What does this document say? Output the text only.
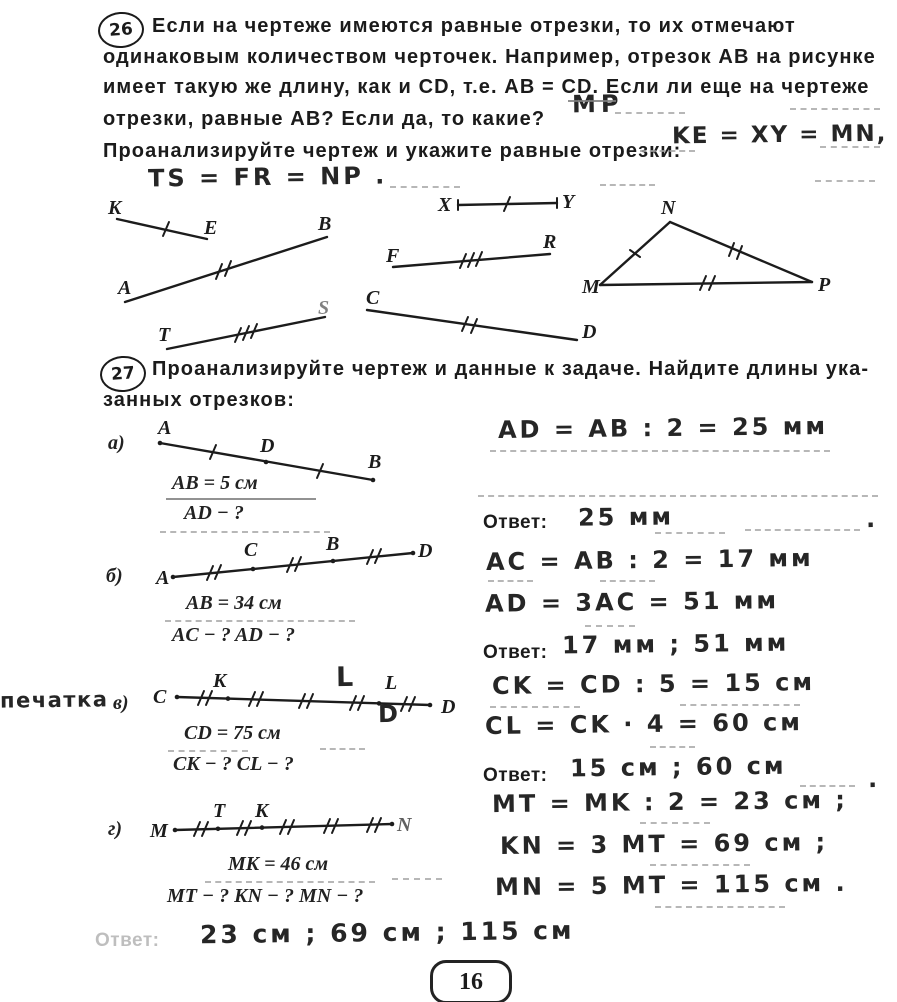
26 Если на чертеже имеются равные отрезки, то их отмечают
одинаковым количеством черточек. Например, отрезок AB на рисунке
имеет такую же длину, как и CD, т.е. AB = CD. Если ли еще на чертеже
отрезки, равные AB? Если да, то какие?
Проанализируйте чертеж и укажите равные отрезки:
MP
KE = XY = MN,
TS = FR = NP .
K
E
A
B
T
S
X	Y
F
R
C
D
M
N
P
27 Проанализируйте чертеж и данные к задаче. Найдите длины ука-
занных отрезков:
а)
A
D
B
AB = 5 см
AD − ?
б) A
C	B	D
AB = 34 см
AC − ? AD − ?
печатка в) C
K	L
D
L
D
CD = 75 см
CK − ? CL − ?
г) M
T K
N
MK = 46 см
MT − ? KN − ? MN − ?
AD = AB : 2 = 25 мм
Ответ: 25 мм	.
AC = AB : 2 = 17 мм
AD = 3AC = 51 мм
Ответ: 17 мм ; 51 мм
CK = CD : 5 = 15 см
CL = CK · 4 = 60 см
Ответ: 15 см ; 60 см	.
MT = MK : 2 = 23 см ;
KN = 3 MT = 69 см ;
MN = 5 MT = 115 см .
Ответ: 23 см ; 69 см ; 115 см
16
